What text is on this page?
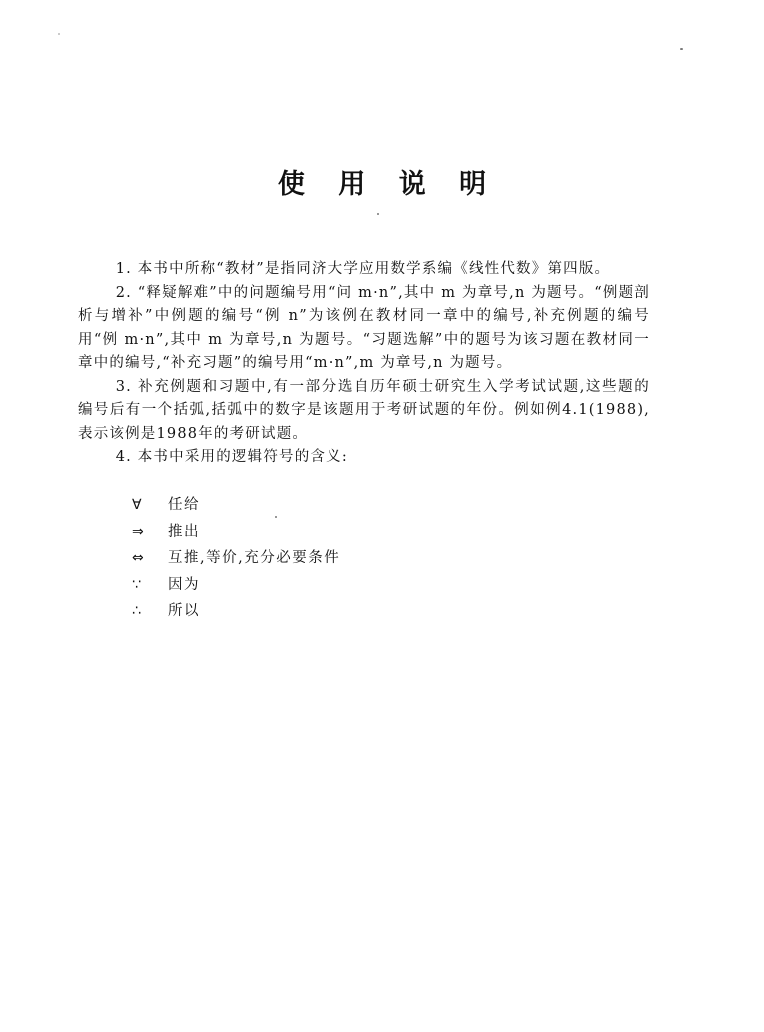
使 用 说 明

1. 本书中所称“教材”是指同济大学应用数学系编《线性代数》第四版。

2. “释疑解难”中的问题编号用“问 m·n”,其中 m 为章号,n 为题号。“例题剖析与增补”中例题的编号“例 n”为该例在教材同一章中的编号,补充例题的编号用“例 m·n”,其中 m 为章号,n 为题号。“习题选解”中的题号为该习题在教材同一章中的编号,“补充习题”的编号用“m·n”,m 为章号,n 为题号。

3. 补充例题和习题中,有一部分选自历年硕士研究生入学考试试题,这些题的编号后有一个括弧,括弧中的数字是该题用于考研试题的年份。例如例4.1(1988),表示该例是1988年的考研试题。

4. 本书中采用的逻辑符号的含义:

∀	任给
⇒	推出
⇔	互推,等价,充分必要条件
∵	因为
∴	所以
